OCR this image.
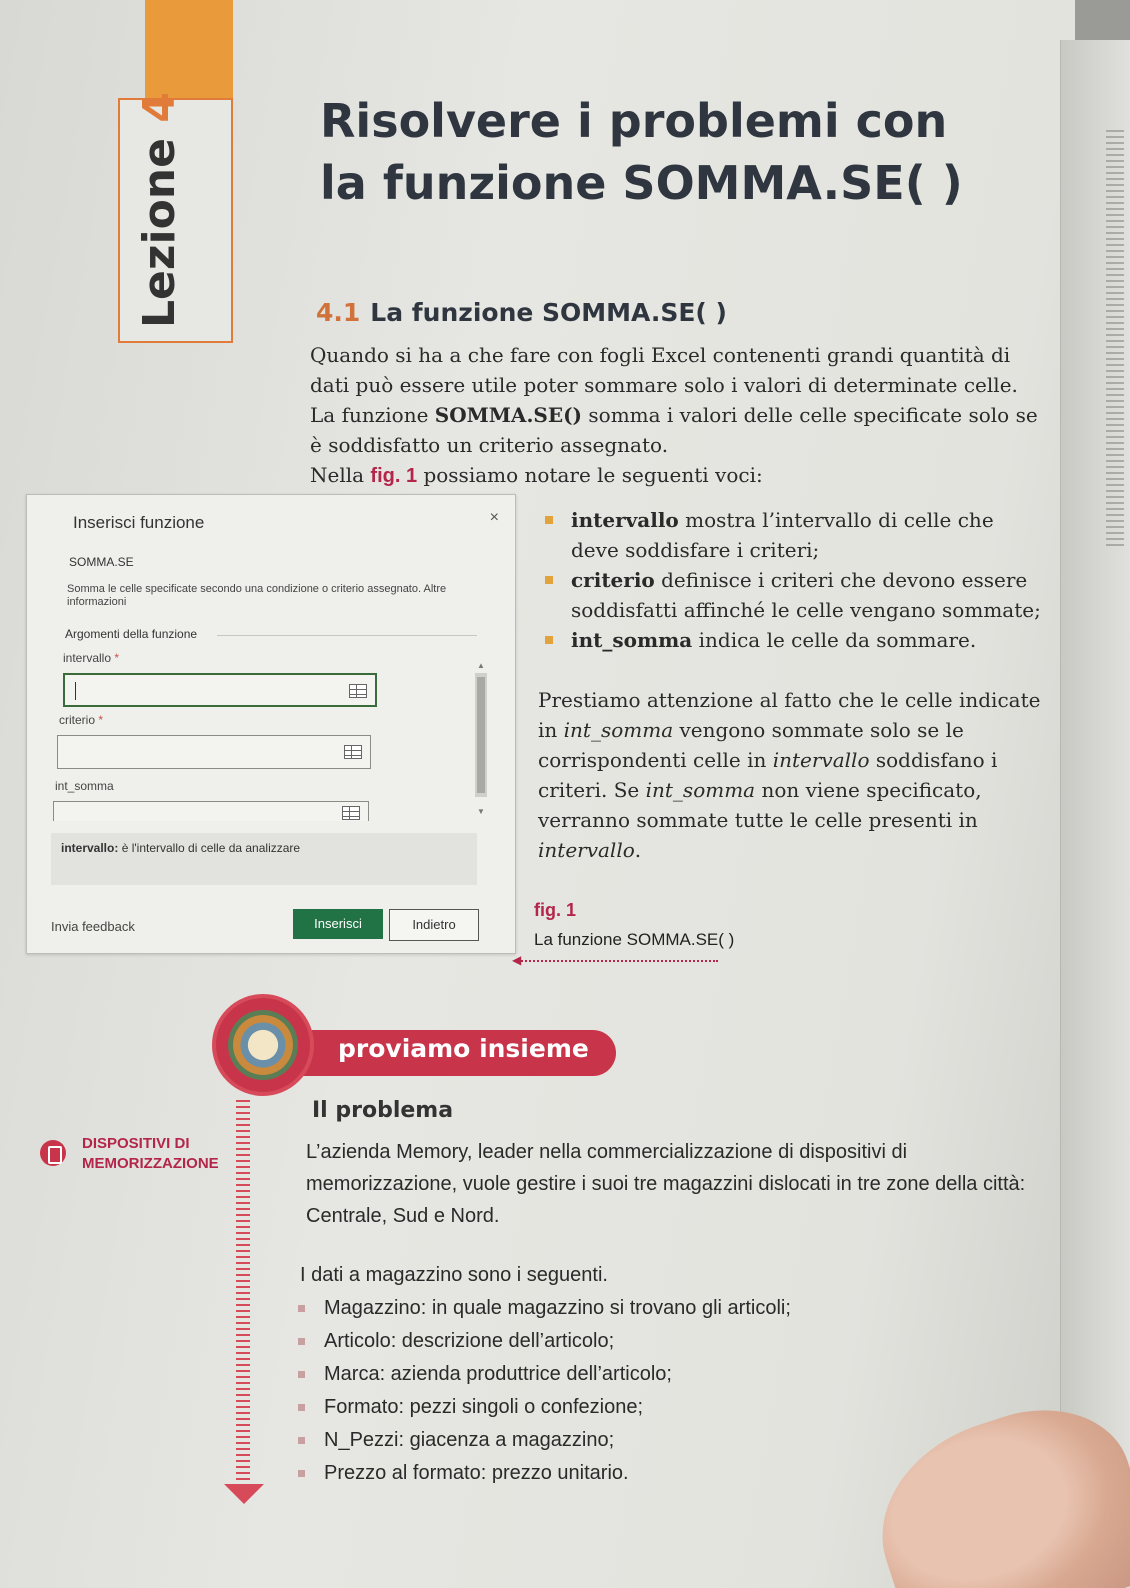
Lezione 4	Risolvere i problemi con
la funzione SOMMA.SE( )
4.1 La funzione SOMMA.SE( )

Quando si ha a che fare con fogli Excel contenenti grandi quantità di dati può essere utile poter sommare solo i valori di determinate celle.

La funzione SOMMA.SE() somma i valori delle celle specificate solo se è soddisfatto un criterio assegnato.

Nella fig. 1 possiamo notare le seguenti voci:

Inserisci funzione	×
SOMMA.SE
Somma le celle specificate secondo una condizione o criterio assegnato. Altre informazioni
Argomenti della funzione
intervallo *
criterio *
int_somma
▲
▼
intervallo: è l'intervallo di celle da analizzare
Invia feedback	Inserisci	Indietro
intervallo mostra l’intervallo di celle che deve soddisfare i criteri;
criterio definisce i criteri che devono essere soddisfatti affinché le celle vengano sommate;
int_somma indica le celle da sommare.
Prestiamo attenzione al fatto che le celle indicate in int_somma vengono sommate solo se le corrispondenti celle in intervallo soddisfano i criteri. Se int_somma non viene specificato, verranno sommate tutte le celle presenti in intervallo.
fig. 1
La funzione SOMMA.SE( )
◀
proviamo insieme
DISPOSITIVI DI
MEMORIZZAZIONE
Il problema
L’azienda Memory, leader nella commercializzazione di dispositivi di memorizzazione, vuole gestire i suoi tre magazzini dislocati in tre zone della città: Centrale, Sud e Nord.
I dati a magazzino sono i seguenti.
Magazzino: in quale magazzino si trovano gli articoli;
Articolo: descrizione dell’articolo;
Marca: azienda produttrice dell’articolo;
Formato: pezzi singoli o confezione;
N_Pezzi: giacenza a magazzino;
Prezzo al formato: prezzo unitario.
